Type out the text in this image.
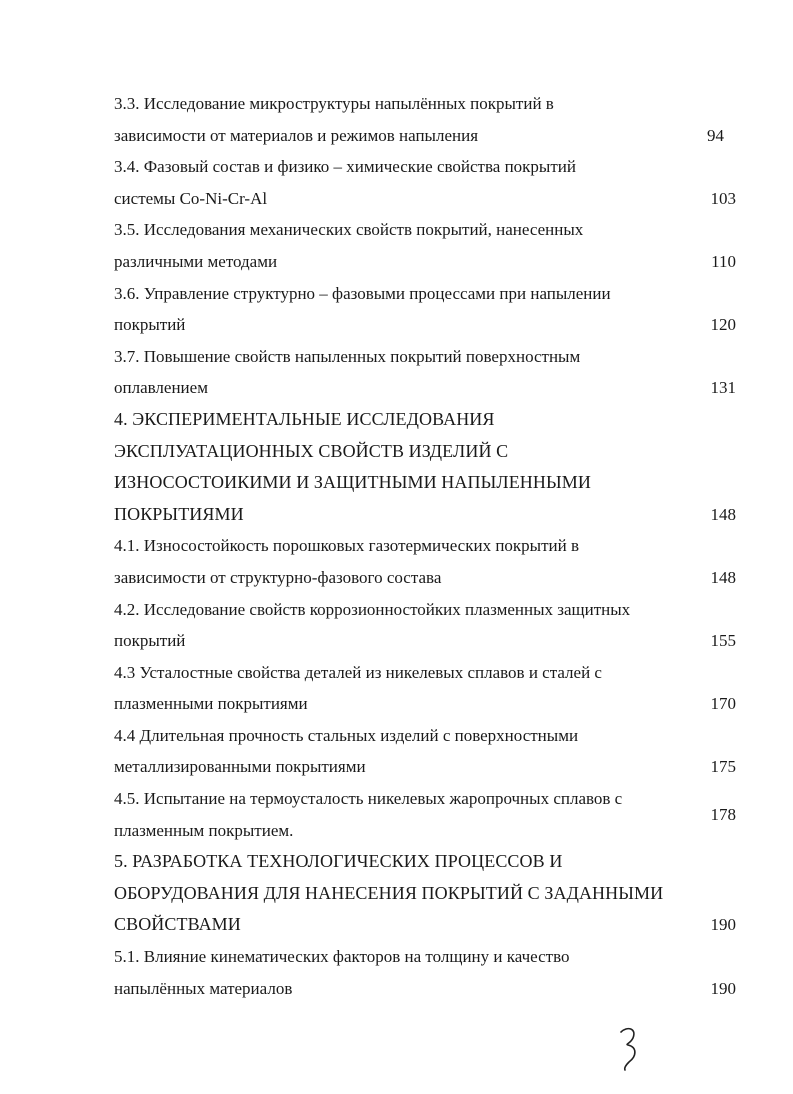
3.3. Исследование микроструктуры напылённых покрытий в
зависимости от материалов и режимов напыления	94
3.4. Фазовый состав и физико – химические свойства покрытий
системы Co-Ni-Cr-Al	103
3.5. Исследования механических свойств покрытий, нанесенных
различными методами	110
3.6. Управление структурно – фазовыми процессами при напылении
покрытий	120
3.7. Повышение свойств напыленных покрытий поверхностным
оплавлением	131
4. ЭКСПЕРИМЕНТАЛЬНЫЕ ИССЛЕДОВАНИЯ
ЭКСПЛУАТАЦИОННЫХ СВОЙСТВ ИЗДЕЛИЙ С
ИЗНОСОСТОИКИМИ И ЗАЩИТНЫМИ НАПЫЛЕННЫМИ
ПОКРЫТИЯМИ	148
4.1. Износостойкость порошковых газотермических покрытий в
зависимости от структурно-фазового состава	148
4.2. Исследование свойств коррозионностойких плазменных защитных
покрытий	155
4.3 Усталостные свойства деталей из никелевых сплавов и сталей с
плазменными покрытиями	170
4.4 Длительная прочность стальных изделий с поверхностными
металлизированными покрытиями	175
4.5. Испытание на термоусталость никелевых жаропрочных сплавов с
плазменным покрытием.
178
5. РАЗРАБОТКА ТЕХНОЛОГИЧЕСКИХ ПРОЦЕССОВ И
ОБОРУДОВАНИЯ ДЛЯ НАНЕСЕНИЯ ПОКРЫТИЙ С ЗАДАННЫМИ
СВОЙСТВАМИ	190
5.1. Влияние кинематических факторов на толщину и качество
напылённых материалов	190
